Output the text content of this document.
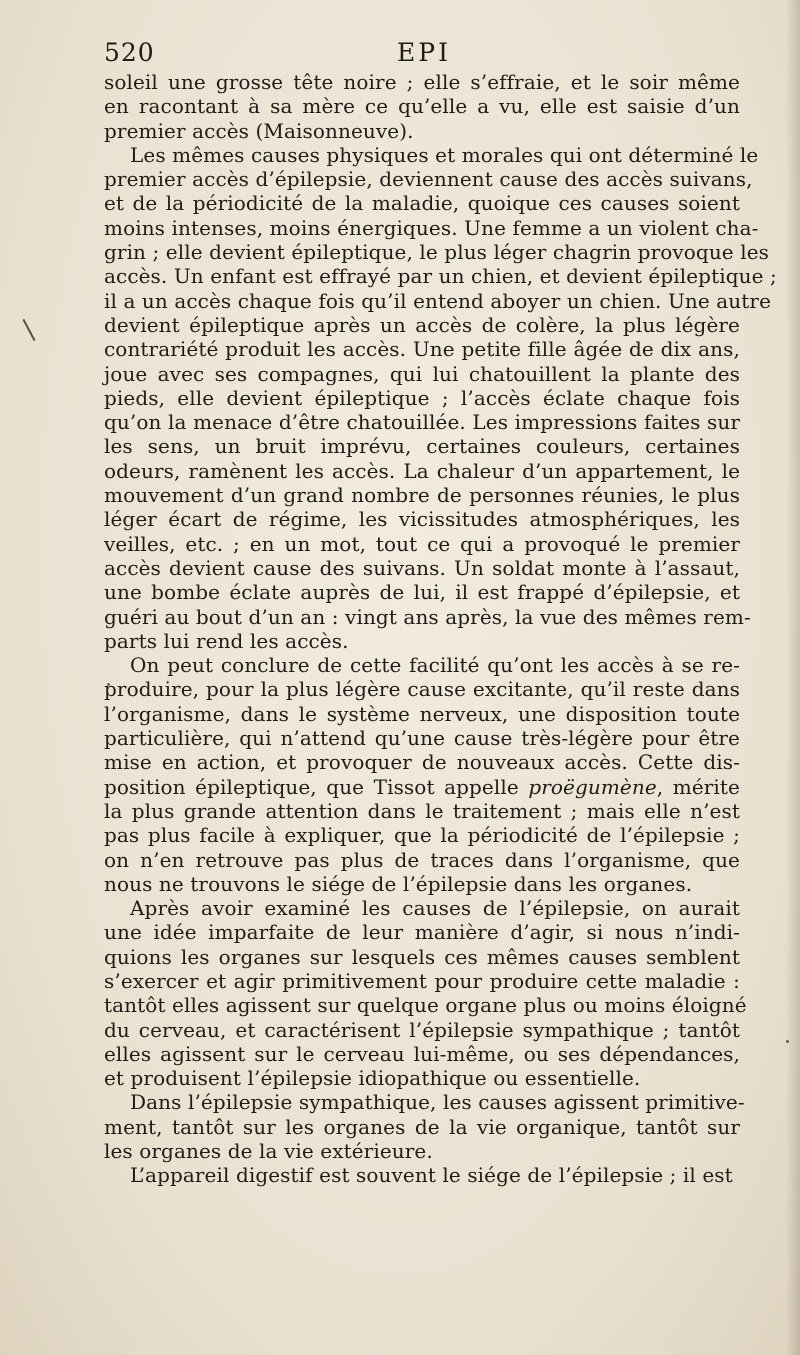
520	EPI
soleil une grosse tête noire ; elle s’effraie, et le soir même
en racontant à sa mère ce qu’elle a vu, elle est saisie d’un
premier accès (Maisonneuve).
Les mêmes causes physiques et morales qui ont déterminé le
premier accès d’épilepsie, deviennent cause des accès suivans,
et de la périodicité de la maladie, quoique ces causes soient
moins intenses, moins énergiques. Une femme a un violent cha-
grin ; elle devient épileptique, le plus léger chagrin provoque les
accès. Un enfant est effrayé par un chien, et devient épileptique ;
il a un accès chaque fois qu’il entend aboyer un chien. Une autre
devient épileptique après un accès de colère, la plus légère
contrariété produit les accès. Une petite fille âgée de dix ans,
joue avec ses compagnes, qui lui chatouillent la plante des
pieds, elle devient épileptique ; l’accès éclate chaque fois
qu’on la menace d’être chatouillée. Les impressions faites sur
les sens, un bruit imprévu, certaines couleurs, certaines
odeurs, ramènent les accès. La chaleur d’un appartement, le
mouvement d’un grand nombre de personnes réunies, le plus
léger écart de régime, les vicissitudes atmosphériques, les
veilles, etc. ; en un mot, tout ce qui a provoqué le premier
accès devient cause des suivans. Un soldat monte à l’assaut,
une bombe éclate auprès de lui, il est frappé d’épilepsie, et
guéri au bout d’un an : vingt ans après, la vue des mêmes rem-
parts lui rend les accès.
On peut conclure de cette facilité qu’ont les accès à se re-
produire, pour la plus légère cause excitante, qu’il reste dans
l’organisme, dans le système nerveux, une disposition toute
particulière, qui n’attend qu’une cause très-légère pour être
mise en action, et provoquer de nouveaux accès. Cette dis-
position épileptique, que Tissot appelle proëgumène, mérite
la plus grande attention dans le traitement ; mais elle n’est
pas plus facile à expliquer, que la périodicité de l’épilepsie ;
on n’en retrouve pas plus de traces dans l’organisme, que
nous ne trouvons le siége de l’épilepsie dans les organes.
Après avoir examiné les causes de l’épilepsie, on aurait
une idée imparfaite de leur manière d’agir, si nous n’indi-
quions les organes sur lesquels ces mêmes causes semblent
s’exercer et agir primitivement pour produire cette maladie :
tantôt elles agissent sur quelque organe plus ou moins éloigné
du cerveau, et caractérisent l’épilepsie sympathique ; tantôt
elles agissent sur le cerveau lui-même, ou ses dépendances,
et produisent l’épilepsie idiopathique ou essentielle.
Dans l’épilepsie sympathique, les causes agissent primitive-
ment, tantôt sur les organes de la vie organique, tantôt sur
les organes de la vie extérieure.
L’appareil digestif est souvent le siége de l’épilepsie ; il est
